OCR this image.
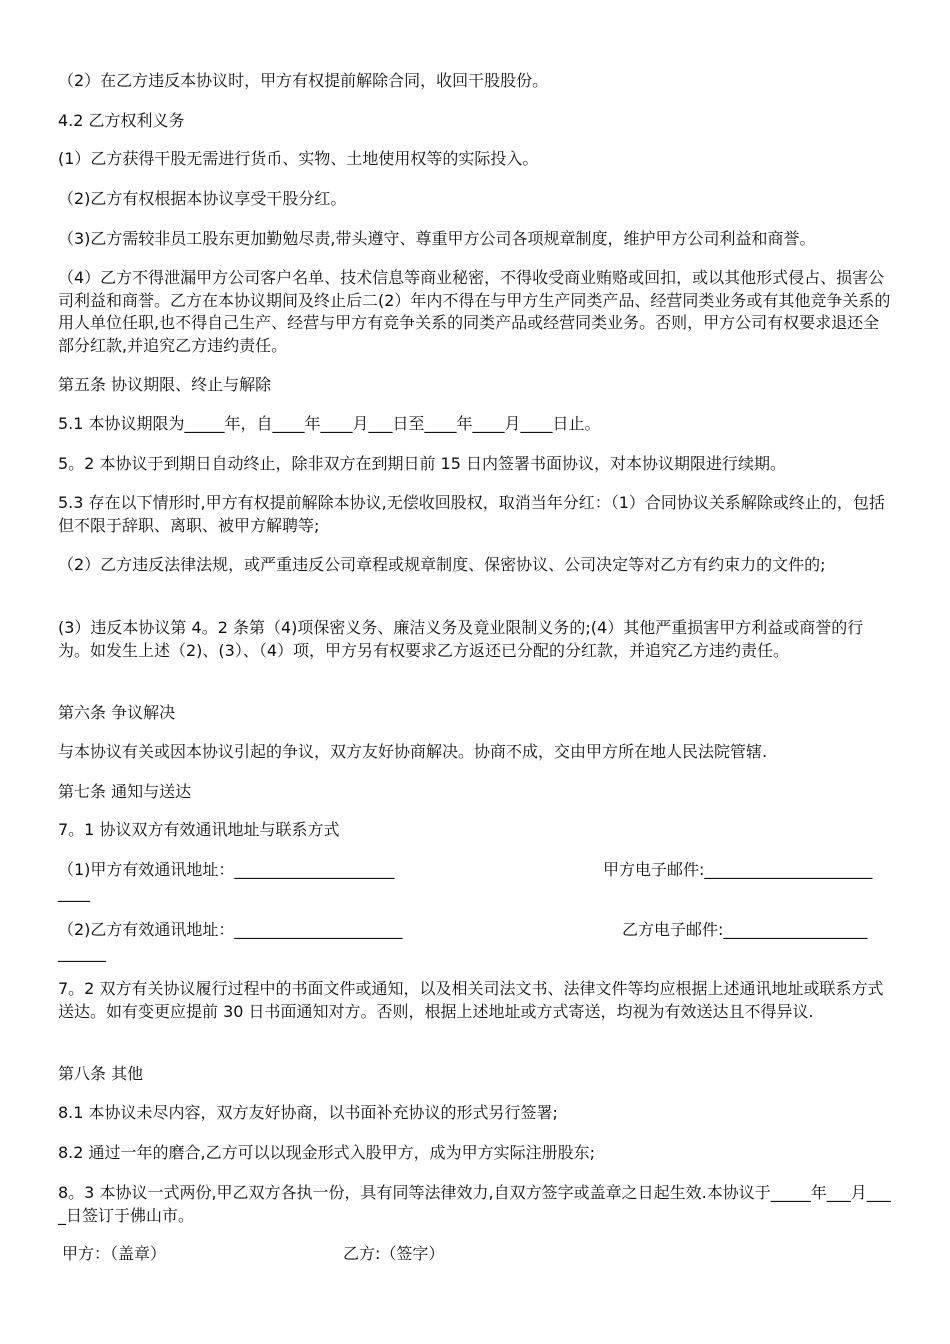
（2）在乙方违反本协议时，甲方有权提前解除合同，收回干股股份。

4.2 乙方权利义务

(1）乙方获得干股无需进行货币、实物、土地使用权等的实际投入。

（2)乙方有权根据本协议享受干股分红。

（3)乙方需较非员工股东更加勤勉尽责,带头遵守、尊重甲方公司各项规章制度，维护甲方公司利益和商誉。

（4）乙方不得泄漏甲方公司客户名单、技术信息等商业秘密，不得收受商业贿赂或回扣，或以其他形式侵占、损害公司利益和商誉。乙方在本协议期间及终止后二(2）年内不得在与甲方生产同类产品、经营同类业务或有其他竞争关系的用人单位任职,也不得自己生产、经营与甲方有竞争关系的同类产品或经营同类业务。否则，甲方公司有权要求退还全部分红款,并追究乙方违约责任。

第五条 协议期限、终止与解除

5.1 本协议期限为_____年，自____年____月___日至____年____月____日止。

5。2 本协议于到期日自动终止，除非双方在到期日前 15 日内签署书面协议，对本协议期限进行续期。

5.3 存在以下情形时,甲方有权提前解除本协议,无偿收回股权，取消当年分红：（1）合同协议关系解除或终止的，包括但不限于辞职、离职、被甲方解聘等;

（2）乙方违反法律法规，或严重违反公司章程或规章制度、保密协议、公司决定等对乙方有约束力的文件的;

(3）违反本协议第 4。2 条第（4)项保密义务、廉洁义务及竟业限制义务的;(4）其他严重损害甲方利益或商誉的行为。如发生上述（2)、(3）、（4）项，甲方另有权要求乙方返还已分配的分红款，并追究乙方违约责任。

第六条 争议解决

与本协议有关或因本协议引起的争议，双方友好协商解决。协商不成，交由甲方所在地人民法院管辖.

第七条 通知与送达

7。1 协议双方有效通讯地址与联系方式

（1)甲方有效通讯地址：____________________	甲方电子邮件:_____________________

____

（2)乙方有效通讯地址：_____________________	乙方电子邮件:__________________

______

7。2 双方有关协议履行过程中的书面文件或通知，以及相关司法文书、法律文件等均应根据上述通讯地址或联系方式送达。如有变更应提前 30 日书面通知对方。否则，根据上述地址或方式寄送，均视为有效送达且不得异议.

第八条 其他

8.1 本协议未尽内容，双方友好协商，以书面补充协议的形式另行签署;

8.2 通过一年的磨合,乙方可以以现金形式入股甲方，成为甲方实际注册股东;

8。3 本协议一式两份,甲乙双方各执一份，具有同等法律效力,自双方签字或盖章之日起生效.本协议于_____年___月____日签订于佛山市。

甲方：（盖章）	乙方:（签字）
